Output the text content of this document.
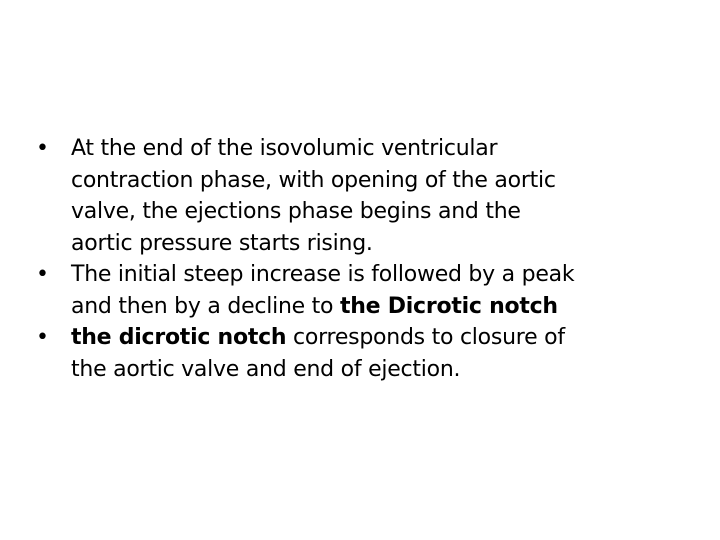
•	At the end of the isovolumic ventricular
contraction phase, with opening of the aortic
valve, the ejections phase begins and the
aortic pressure starts rising.
•	The initial steep increase is followed by a peak
and then by a decline to the Dicrotic notch
•	the dicrotic notch corresponds to closure of
the aortic valve and end of ejection.
